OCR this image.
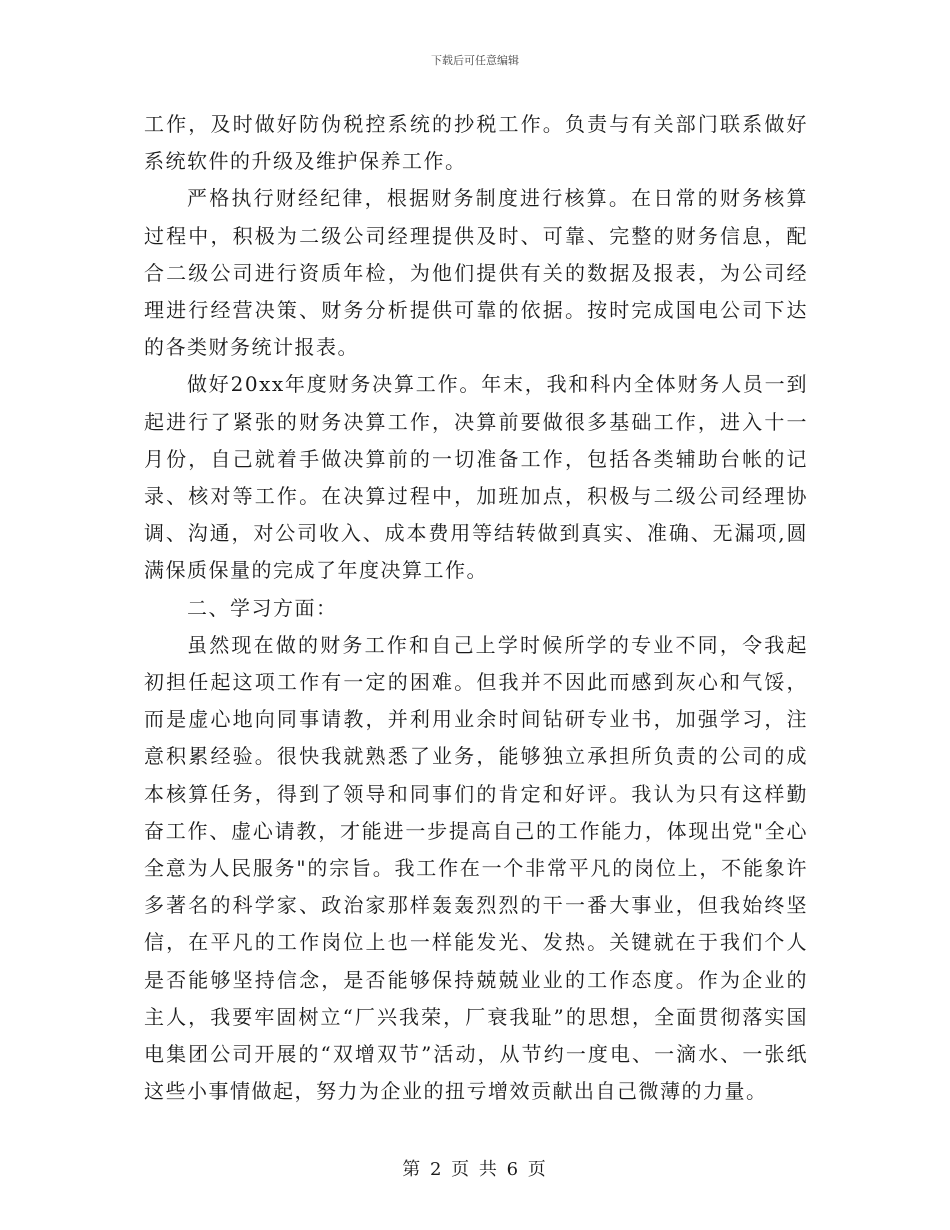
下载后可任意编辑

工作，及时做好防伪税控系统的抄税工作。负责与有关部门联系做好系统软件的升级及维护保养工作。

严格执行财经纪律，根据财务制度进行核算。在日常的财务核算过程中，积极为二级公司经理提供及时、可靠、完整的财务信息，配合二级公司进行资质年检，为他们提供有关的数据及报表，为公司经理进行经营决策、财务分析提供可靠的依据。按时完成国电公司下达的各类财务统计报表。

做好20xx年度财务决算工作。年末，我和科内全体财务人员一到起进行了紧张的财务决算工作，决算前要做很多基础工作，进入十一月份，自己就着手做决算前的一切准备工作，包括各类辅助台帐的记录、核对等工作。在决算过程中，加班加点，积极与二级公司经理协调、沟通，对公司收入、成本费用等结转做到真实、准确、无漏项,圆满保质保量的完成了年度决算工作。

二、学习方面：

虽然现在做的财务工作和自己上学时候所学的专业不同，令我起初担任起这项工作有一定的困难。但我并不因此而感到灰心和气馁，而是虚心地向同事请教，并利用业余时间钻研专业书，加强学习，注意积累经验。很快我就熟悉了业务，能够独立承担所负责的公司的成本核算任务，得到了领导和同事们的肯定和好评。我认为只有这样勤奋工作、虚心请教，才能进一步提高自己的工作能力，体现出党"全心全意为人民服务"的宗旨。我工作在一个非常平凡的岗位上，不能象许多著名的科学家、政治家那样轰轰烈烈的干一番大事业，但我始终坚信，在平凡的工作岗位上也一样能发光、发热。关键就在于我们个人是否能够坚持信念，是否能够保持兢兢业业的工作态度。作为企业的主人，我要牢固树立“厂兴我荣，厂衰我耻”的思想，全面贯彻落实国电集团公司开展的“双增双节”活动，从节约一度电、一滴水、一张纸这些小事情做起，努力为企业的扭亏增效贡献出自己微薄的力量。

第 2 页 共 6 页
